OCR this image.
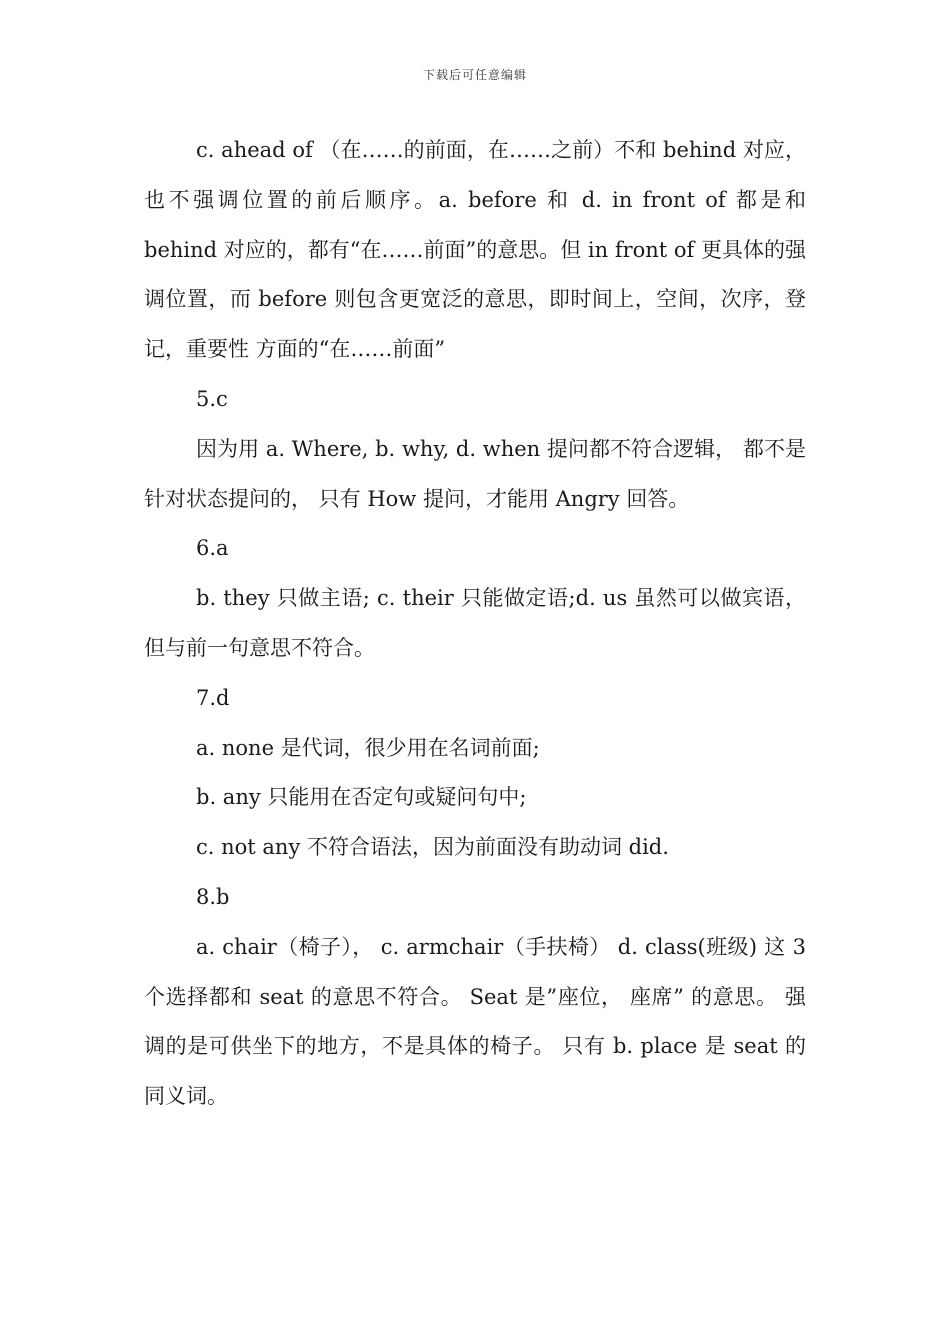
下载后可任意编辑

c. ahead of （在……的前面，在……之前）不和 behind 对应，也不强调位置的前后顺序。a. before 和 d. in front of 都是和 behind 对应的，都有“在……前面”的意思。但 in front of 更具体的强调位置，而 before 则包含更宽泛的意思，即时间上，空间，次序，登记，重要性 方面的“在……前面”

5.c

因为用 a. Where, b. why, d. when 提问都不符合逻辑， 都不是针对状态提问的， 只有 How 提问，才能用 Angry 回答。

6.a

b. they 只做主语; c. their 只能做定语;d. us 虽然可以做宾语，但与前一句意思不符合。

7.d

a. none 是代词，很少用在名词前面;

b. any 只能用在否定句或疑问句中;

c. not any 不符合语法，因为前面没有助动词 did.

8.b

a. chair（椅子）， c. armchair（手扶椅） d. class(班级) 这 3 个选择都和 seat 的意思不符合。 Seat 是”座位， 座席” 的意思。 强调的是可供坐下的地方，不是具体的椅子。 只有 b. place 是 seat 的同义词。
